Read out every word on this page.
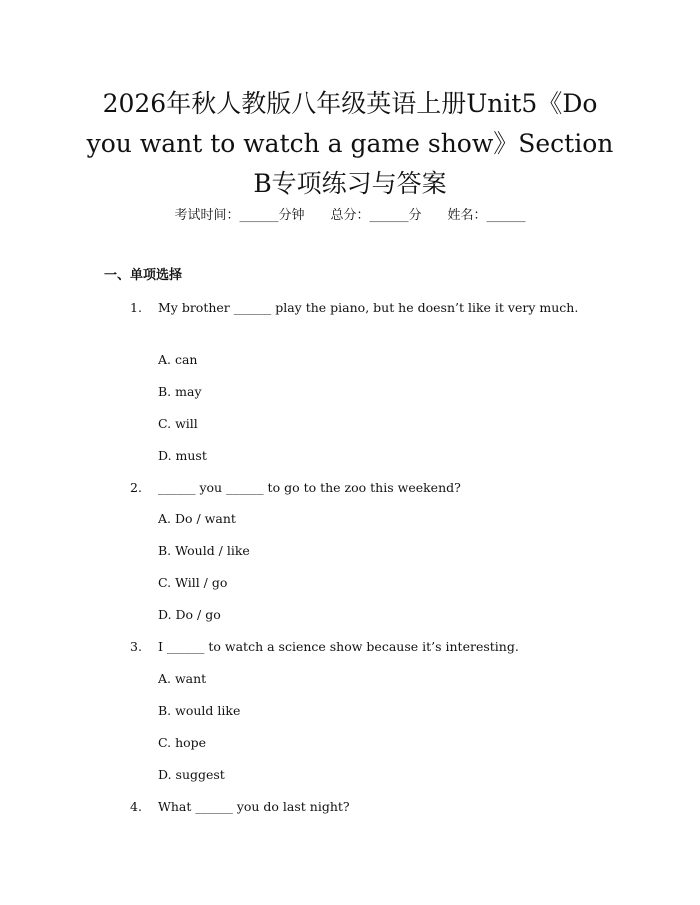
2026年秋人教版八年级英语上册Unit5《Do you want to watch a game show》Section B专项练习与答案
考试时间：______分钟 总分：______分 姓名：______
一、单项选择
1. My brother ______ play the piano, but he doesn’t like it very much.
A. can
B. may
C. will
D. must
2. ______ you ______ to go to the zoo this weekend?
A. Do / want
B. Would / like
C. Will / go
D. Do / go
3. I ______ to watch a science show because it’s interesting.
A. want
B. would like
C. hope
D. suggest
4. What ______ you do last night?
